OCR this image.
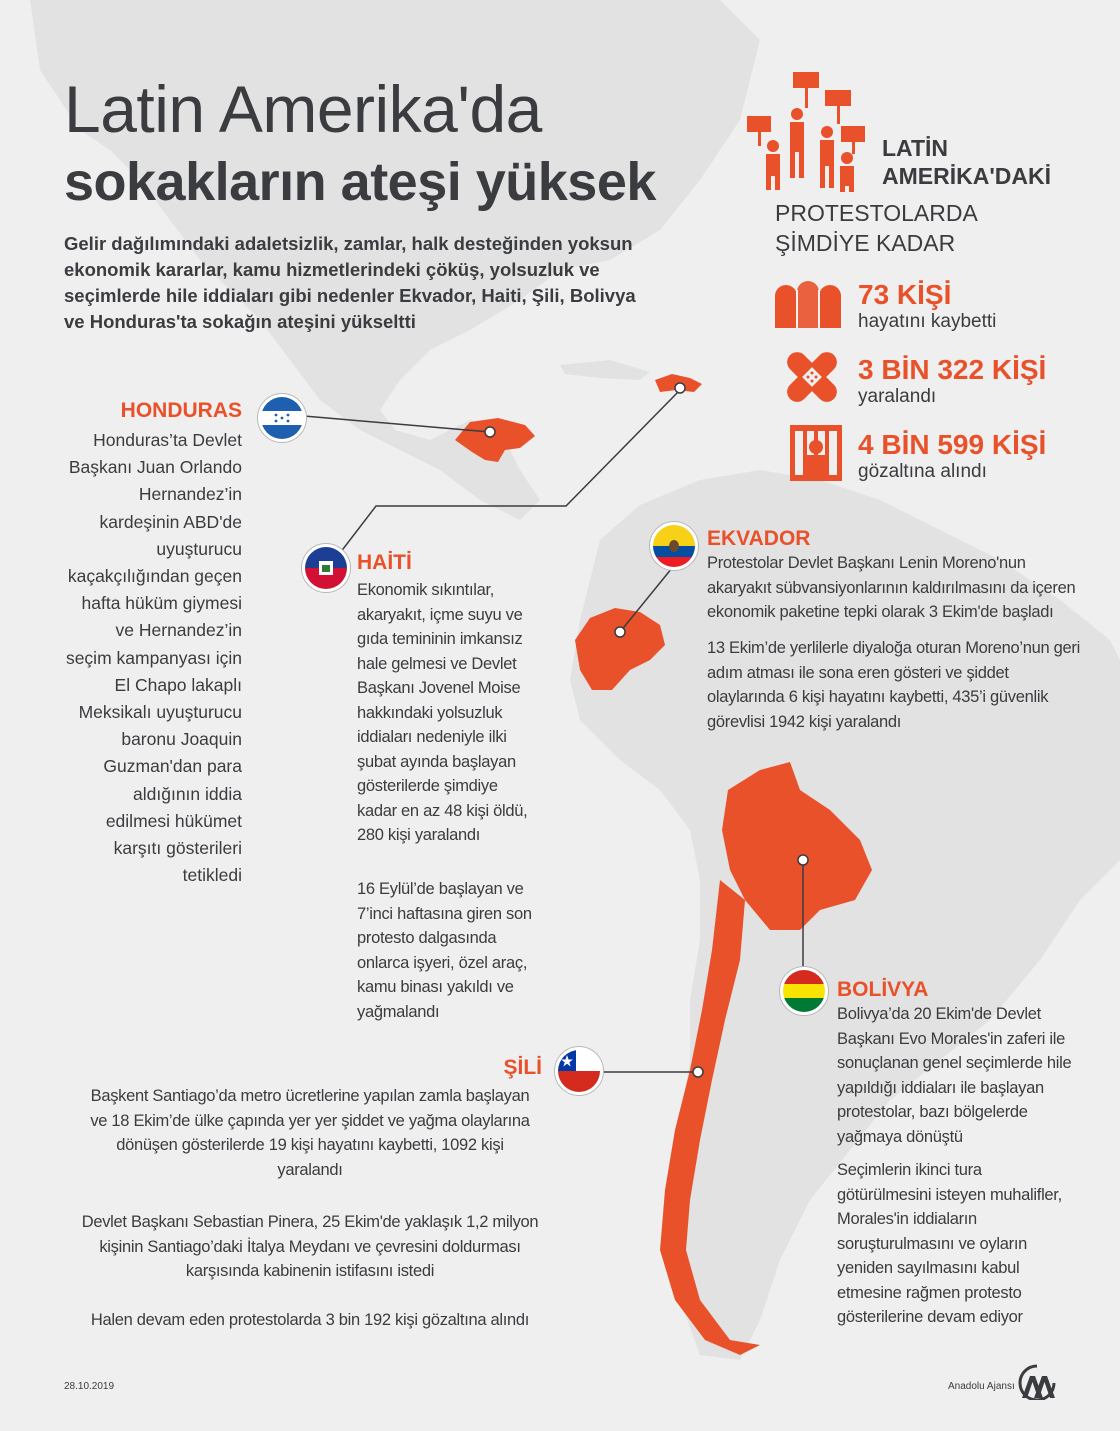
Latin Amerika'da
sokakların ateşi yüksek
Gelir dağılımındaki adaletsizlik, zamlar, halk desteğinden yoksun
ekonomik kararlar, kamu hizmetlerindeki çöküş, yolsuzluk ve
seçimlerde hile iddiaları gibi nedenler Ekvador, Haiti, Şili, Bolivya
ve Honduras'ta sokağın ateşini yükseltti
LATİN
AMERİKA'DAKİ
PROTESTOLARDA
ŞİMDİYE KADAR
73 KİŞİ
hayatını kaybetti
3 BİN 322 KİŞİ
yaralandı
4 BİN 599 KİŞİ
gözaltına alındı
HONDURAS
Honduras’ta Devlet
Başkanı Juan Orlando
Hernandez’in
kardeşinin ABD'de
uyuşturucu
kaçakçılığından geçen
hafta hüküm giymesi
ve Hernandez’in
seçim kampanyası için
El Chapo lakaplı
Meksikalı uyuşturucu
baronu Joaquin
Guzman'dan para
aldığının iddia
edilmesi hükümet
karşıtı gösterileri
tetikledi
HAİTİ
Ekonomik sıkıntılar,
akaryakıt, içme suyu ve
gıda temininin imkansız
hale gelmesi ve Devlet
Başkanı Jovenel Moise
hakkındaki yolsuzluk
iddiaları nedeniyle ilki
şubat ayında başlayan
gösterilerde şimdiye
kadar en az 48 kişi öldü,
280 kişi yaralandı
16 Eylül’de başlayan ve
7’inci haftasına giren son
protesto dalgasında
onlarca işyeri, özel araç,
kamu binası yakıldı ve
yağmalandı
EKVADOR
Protestolar Devlet Başkanı Lenin Moreno'nun
akaryakıt sübvansiyonlarının kaldırılmasını da içeren
ekonomik paketine tepki olarak 3 Ekim'de başladı
13 Ekim’de yerlilerle diyaloğa oturan Moreno’nun geri
adım atması ile sona eren gösteri ve şiddet
olaylarında 6 kişi hayatını kaybetti, 435’i güvenlik
görevlisi 1942 kişi yaralandı
BOLİVYA
Bolivya’da 20 Ekim'de Devlet
Başkanı Evo Morales'in zaferi ile
sonuçlanan genel seçimlerde hile
yapıldığı iddiaları ile başlayan
protestolar, bazı bölgelerde
yağmaya dönüştü
Seçimlerin ikinci tura
götürülmesini isteyen muhalifler,
Morales'in iddiaların
soruşturulmasını ve oyların
yeniden sayılmasını kabul
etmesine rağmen protesto
gösterilerine devam ediyor
ŞİLİ
Başkent Santiago’da metro ücretlerine yapılan zamla başlayan
ve 18 Ekim’de ülke çapında yer yer şiddet ve yağma olaylarına
dönüşen gösterilerde 19 kişi hayatını kaybetti, 1092 kişi
yaralandı
Devlet Başkanı Sebastian Pinera, 25 Ekim'de yaklaşık 1,2 milyon
kişinin Santiago’daki İtalya Meydanı ve çevresini doldurması
karşısında kabinenin istifasını istedi
Halen devam eden protestolarda 3 bin 192 kişi gözaltına alındı
28.10.2019	Anadolu Ajansı
